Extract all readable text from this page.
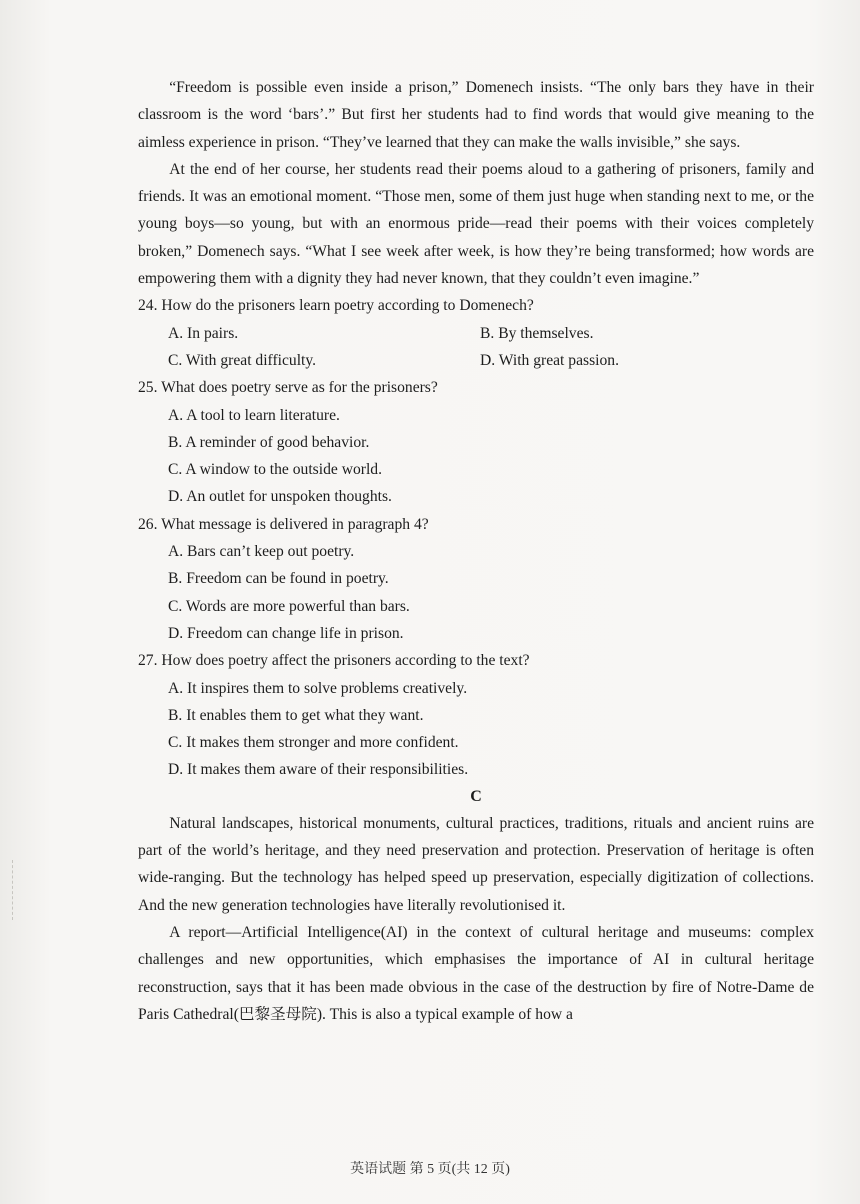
“Freedom is possible even inside a prison,” Domenech insists. “The only bars they have in their classroom is the word ‘bars’.” But first her students had to find words that would give meaning to the aimless experience in prison. “They’ve learned that they can make the walls invisible,” she says.

At the end of her course, her students read their poems aloud to a gathering of prisoners, family and friends. It was an emotional moment. “Those men, some of them just huge when standing next to me, or the young boys—so young, but with an enormous pride—read their poems with their voices completely broken,” Domenech says. “What I see week after week, is how they’re being transformed; how words are empowering them with a dignity they had never known, that they couldn’t even imagine.”

24. How do the prisoners learn poetry according to Domenech?
A. In pairs.	B. By themselves.
C. With great difficulty.	D. With great passion.
25. What does poetry serve as for the prisoners?
A. A tool to learn literature.
B. A reminder of good behavior.
C. A window to the outside world.
D. An outlet for unspoken thoughts.
26. What message is delivered in paragraph 4?
A. Bars can’t keep out poetry.
B. Freedom can be found in poetry.
C. Words are more powerful than bars.
D. Freedom can change life in prison.
27. How does poetry affect the prisoners according to the text?
A. It inspires them to solve problems creatively.
B. It enables them to get what they want.
C. It makes them stronger and more confident.
D. It makes them aware of their responsibilities.
C

Natural landscapes, historical monuments, cultural practices, traditions, rituals and ancient ruins are part of the world’s heritage, and they need preservation and protection. Preservation of heritage is often wide-ranging. But the technology has helped speed up preservation, especially digitization of collections. And the new generation technologies have literally revolutionised it.

A report—Artificial Intelligence(AI) in the context of cultural heritage and museums: complex challenges and new opportunities, which emphasises the importance of AI in cultural heritage reconstruction, says that it has been made obvious in the case of the destruction by fire of Notre-Dame de Paris Cathedral(巴黎圣母院). This is also a typical example of how a

英语试题 第 5 页(共 12 页)
